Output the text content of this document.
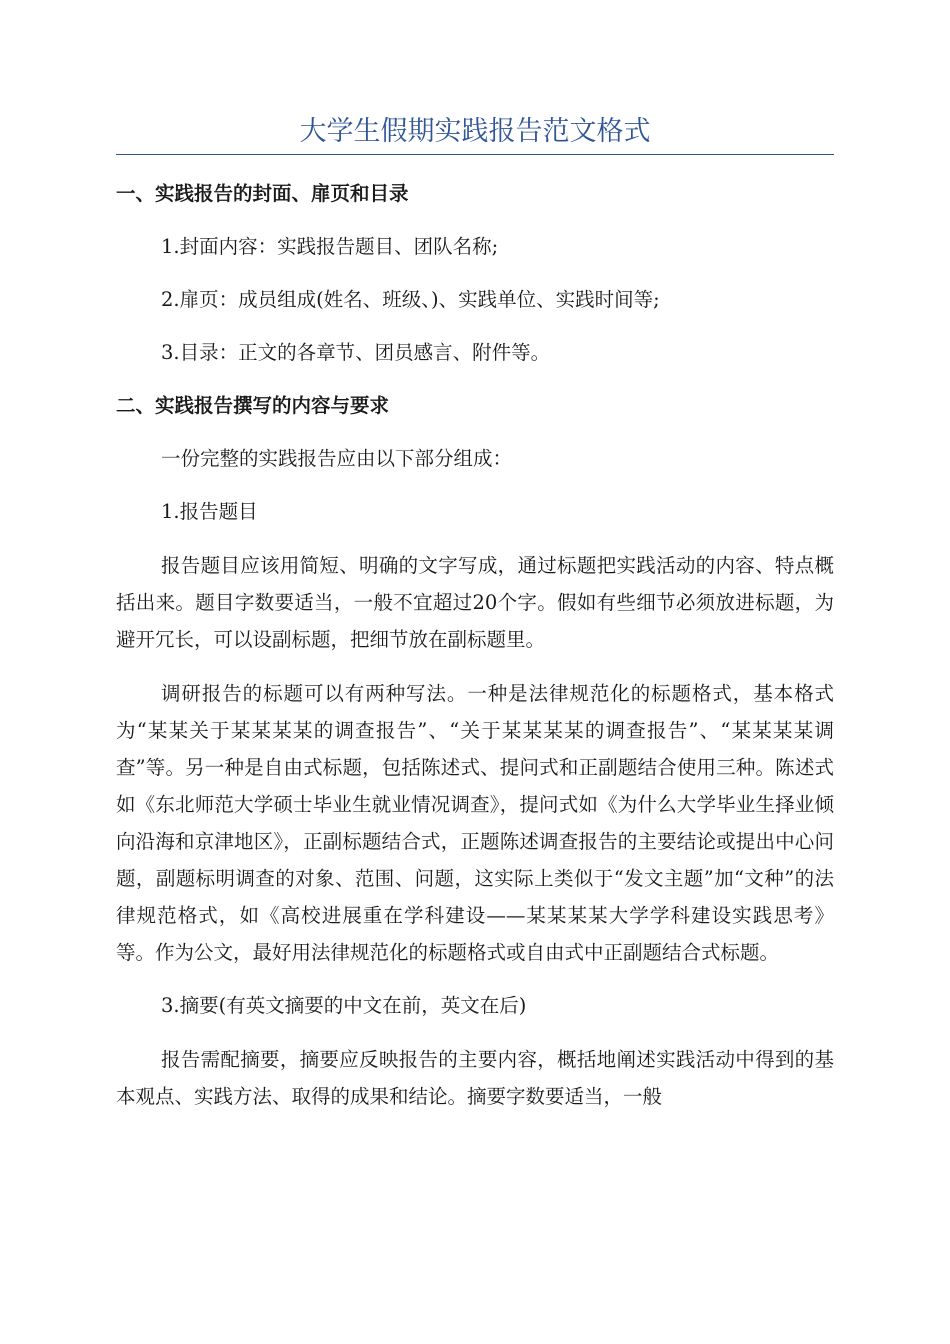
大学生假期实践报告范文格式
一、实践报告的封面、扉页和目录
1.封面内容：实践报告题目、团队名称;
2.扉页：成员组成(姓名、班级、)、实践单位、实践时间等;
3.目录：正文的各章节、团员感言、附件等。
二、实践报告撰写的内容与要求
一份完整的实践报告应由以下部分组成：
1.报告题目

报告题目应该用简短、明确的文字写成，通过标题把实践活动的内容、特点概括出来。题目字数要适当，一般不宜超过20个字。假如有些细节必须放进标题，为避开冗长，可以设副标题，把细节放在副标题里。

调研报告的标题可以有两种写法。一种是法律规范化的标题格式，基本格式为“某某关于某某某某的调查报告”、“关于某某某某的调查报告”、“某某某某调查”等。另一种是自由式标题，包括陈述式、提问式和正副题结合使用三种。陈述式如《东北师范大学硕士毕业生就业情况调查》，提问式如《为什么大学毕业生择业倾向沿海和京津地区》，正副标题结合式，正题陈述调查报告的主要结论或提出中心问题，副题标明调查的对象、范围、问题，这实际上类似于“发文主题”加“文种”的法律规范格式，如《高校进展重在学科建设——某某某某大学学科建设实践思考》等。作为公文，最好用法律规范化的标题格式或自由式中正副题结合式标题。

3.摘要(有英文摘要的中文在前，英文在后)

报告需配摘要，摘要应反映报告的主要内容，概括地阐述实践活动中得到的基本观点、实践方法、取得的成果和结论。摘要字数要适当，一般
